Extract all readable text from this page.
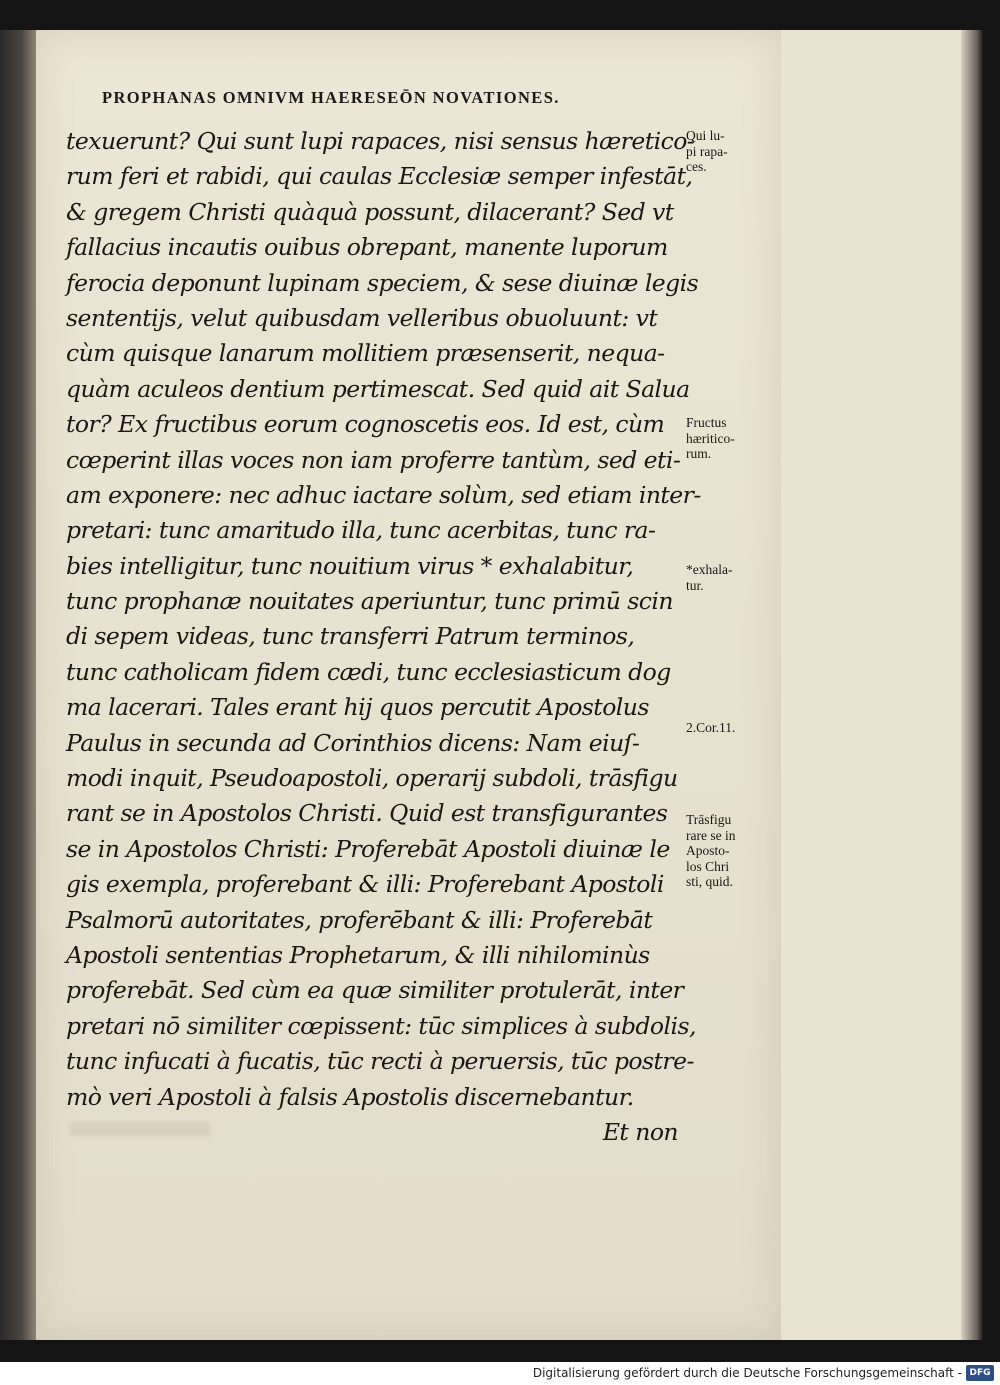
PROPHANAS OMNIVM HAERESEŌN NOVATIONES.
texuerunt? Qui sunt lupi rapaces, nisi sensus hæretico-
rum feri et rabidi, qui caulas Ecclesiæ semper infestāt,
& gregem Christi quàquà possunt, dilacerant? Sed vt
fallacius incautis ouibus obrepant, manente luporum
ferocia deponunt lupinam speciem, & sese diuinæ legis
sententijs, velut quibusdam velleribus obuoluunt: vt
cùm quisque lanarum mollitiem præsenserit, nequa-
quàm aculeos dentium pertimescat. Sed quid ait Salua
tor? Ex fructibus eorum cognoscetis eos. Id est, cùm
cœperint illas voces non iam proferre tantùm, sed eti-
am exponere: nec adhuc iactare solùm, sed etiam inter-
pretari: tunc amaritudo illa, tunc acerbitas, tunc ra-
bies intelligitur, tunc nouitium virus * exhalabitur,
tunc prophanæ nouitates aperiuntur, tunc primū scin
di sepem videas, tunc transferri Patrum terminos,
tunc catholicam fidem cædi, tunc ecclesiasticum dog
ma lacerari. Tales erant hij quos percutit Apostolus
Paulus in secunda ad Corinthios dicens: Nam eiuſ-
modi inquit, Pseudoapostoli, operarij subdoli, trāsfigu
rant se in Apostolos Christi. Quid est transfigurantes
se in Apostolos Christi: Proferebāt Apostoli diuinæ le
gis exempla, proferebant & illi: Proferebant Apostoli
Psalmorū autoritates, proferēbant & illi: Proferebāt
Apostoli sententias Prophetarum, & illi nihilominùs
proferebāt. Sed cùm ea quæ similiter protulerāt, inter
pretari nō similiter cœpissent: tūc simplices à subdolis,
tunc infucati à fucatis, tūc recti à peruersis, tūc postre-
mò veri Apostoli à falsis Apostolis discernebantur.
Et non
Qui lu-
pi rapa-
ces.
Fructus
hæritico-
rum.
*exhala-
tur.
2.Cor.11.
Trāsfigu
rare se in
Aposto-
los Chri
sti, quid.
Digitalisierung gefördert durch die Deutsche Forschungsgemeinschaft - DFG
